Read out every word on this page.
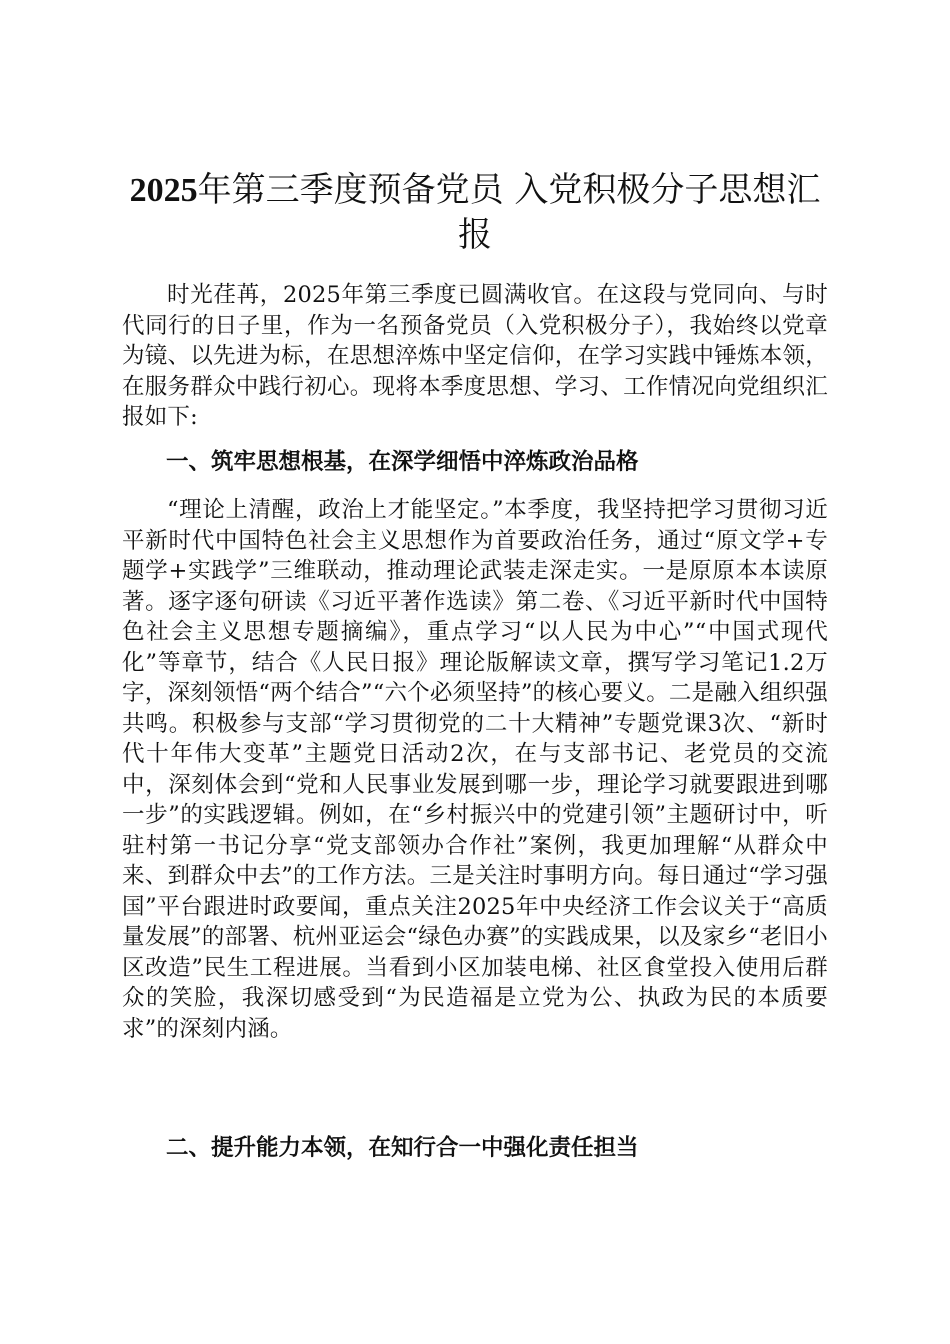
2025年第三季度预备党员 入党积极分子思想汇报

时光荏苒，2025年第三季度已圆满收官。在这段与党同向、与时代同行的日子里，作为一名预备党员（入党积极分子），我始终以党章为镜、以先进为标，在思想淬炼中坚定信仰，在学习实践中锤炼本领，在服务群众中践行初心。现将本季度思想、学习、工作情况向党组织汇报如下:

一、筑牢思想根基，在深学细悟中淬炼政治品格

“理论上清醒，政治上才能坚定。”本季度，我坚持把学习贯彻习近平新时代中国特色社会主义思想作为首要政治任务，通过“原文学+专题学+实践学”三维联动，推动理论武装走深走实。一是原原本本读原著。逐字逐句研读《习近平著作选读》第二卷、《习近平新时代中国特色社会主义思想专题摘编》，重点学习“以人民为中心”“中国式现代化”等章节，结合《人民日报》理论版解读文章，撰写学习笔记1.2万字，深刻领悟“两个结合”“六个必须坚持”的核心要义。二是融入组织强共鸣。积极参与支部“学习贯彻党的二十大精神”专题党课3次、“新时代十年伟大变革”主题党日活动2次，在与支部书记、老党员的交流中，深刻体会到“党和人民事业发展到哪一步，理论学习就要跟进到哪一步”的实践逻辑。例如，在“乡村振兴中的党建引领”主题研讨中，听驻村第一书记分享“党支部领办合作社”案例，我更加理解“从群众中来、到群众中去”的工作方法。三是关注时事明方向。每日通过“学习强国”平台跟进时政要闻，重点关注2025年中央经济工作会议关于“高质量发展”的部署、杭州亚运会“绿色办赛”的实践成果，以及家乡“老旧小区改造”民生工程进展。当看到小区加装电梯、社区食堂投入使用后群众的笑脸，我深切感受到“为民造福是立党为公、执政为民的本质要求”的深刻内涵。

二、提升能力本领，在知行合一中强化责任担当
